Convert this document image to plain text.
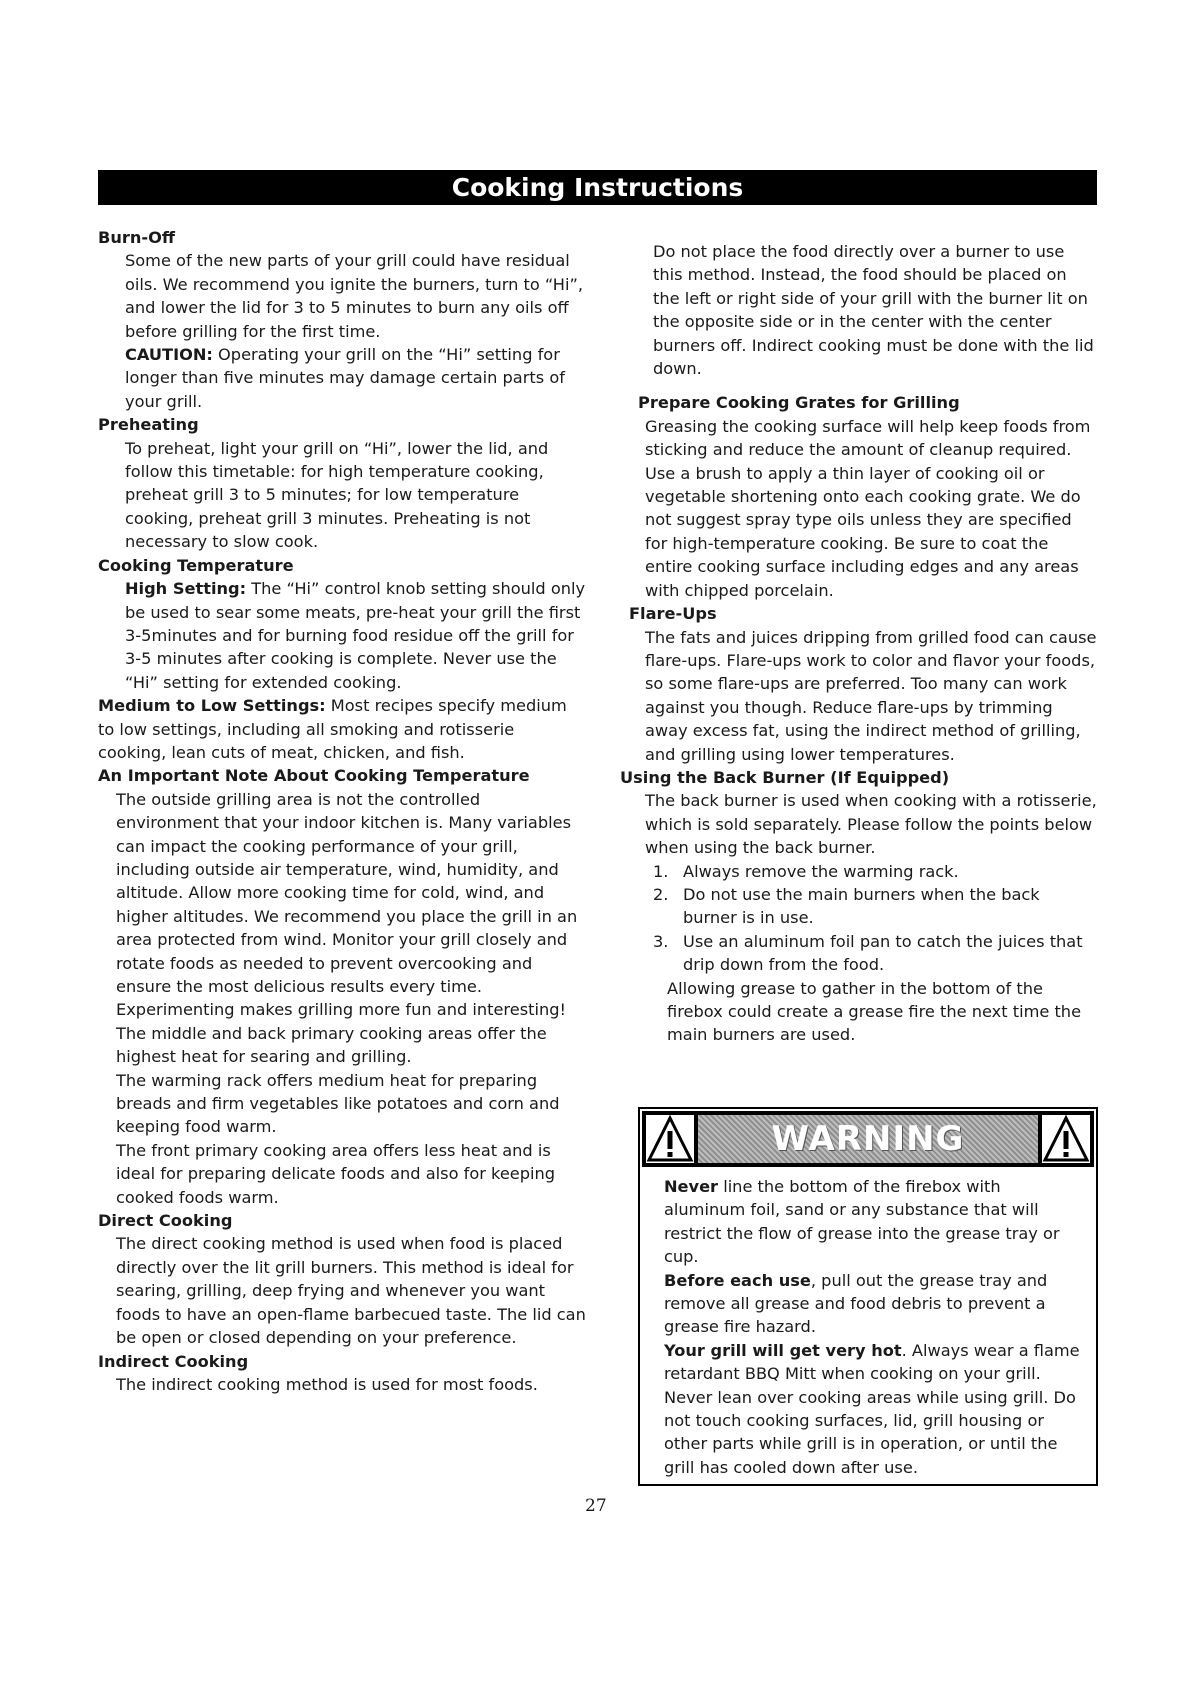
Cooking Instructions

Burn-Off

Some of the new parts of your grill could have residual oils. We recommend you ignite the burners, turn to “Hi”, and lower the lid for 3 to 5 minutes to burn any oils off before grilling for the first time.

CAUTION: Operating your grill on the “Hi” setting for longer than five minutes may damage certain parts of your grill.

Preheating

To preheat, light your grill on “Hi”, lower the lid, and follow this timetable: for high temperature cooking, preheat grill 3 to 5 minutes; for low temperature cooking, preheat grill 3 minutes. Preheating is not necessary to slow cook.

Cooking Temperature

High Setting: The “Hi” control knob setting should only be used to sear some meats, pre-heat your grill the first 3-5minutes and for burning food residue off the grill for 3-5 minutes after cooking is complete. Never use the “Hi” setting for extended cooking.

Medium to Low Settings: Most recipes specify medium to low settings, including all smoking and rotisserie cooking, lean cuts of meat, chicken, and fish.

An Important Note About Cooking Temperature

The outside grilling area is not the controlled environment that your indoor kitchen is. Many variables can impact the cooking performance of your grill, including outside air temperature, wind, humidity, and altitude. Allow more cooking time for cold, wind, and higher altitudes. We recommend you place the grill in an area protected from wind. Monitor your grill closely and rotate foods as needed to prevent overcooking and ensure the most delicious results every time. Experimenting makes grilling more fun and interesting!

The middle and back primary cooking areas offer the highest heat for searing and grilling.

The warming rack offers medium heat for preparing breads and firm vegetables like potatoes and corn and keeping food warm.

The front primary cooking area offers less heat and is ideal for preparing delicate foods and also for keeping cooked foods warm.

Direct Cooking

The direct cooking method is used when food is placed directly over the lit grill burners. This method is ideal for searing, grilling, deep frying and whenever you want foods to have an open-flame barbecued taste. The lid can be open or closed depending on your preference.

Indirect Cooking

The indirect cooking method is used for most foods.

Do not place the food directly over a burner to use this method. Instead, the food should be placed on the left or right side of your grill with the burner lit on the opposite side or in the center with the center burners off. Indirect cooking must be done with the lid down.

Prepare Cooking Grates for Grilling

Greasing the cooking surface will help keep foods from sticking and reduce the amount of cleanup required. Use a brush to apply a thin layer of cooking oil or vegetable shortening onto each cooking grate. We do not suggest spray type oils unless they are specified for high-temperature cooking. Be sure to coat the entire cooking surface including edges and any areas with chipped porcelain.

Flare-Ups

The fats and juices dripping from grilled food can cause flare-ups. Flare-ups work to color and flavor your foods, so some flare-ups are preferred. Too many can work against you though. Reduce flare-ups by trimming away excess fat, using the indirect method of grilling, and grilling using lower temperatures.

Using the Back Burner (If Equipped)

The back burner is used when cooking with a rotisserie, which is sold separately. Please follow the points below when using the back burner.

1. Always remove the warming rack.
2. Do not use the main burners when the back burner is in use.
3. Use an aluminum foil pan to catch the juices that drip down from the food.

Allowing grease to gather in the bottom of the firebox could create a grease fire the next time the main burners are used.

WARNING

Never line the bottom of the firebox with aluminum foil, sand or any substance that will restrict the flow of grease into the grease tray or cup.

Before each use, pull out the grease tray and remove all grease and food debris to prevent a grease fire hazard.

Your grill will get very hot. Always wear a flame retardant BBQ Mitt when cooking on your grill. Never lean over cooking areas while using grill. Do not touch cooking surfaces, lid, grill housing or other parts while grill is in operation, or until the grill has cooled down after use.

27
